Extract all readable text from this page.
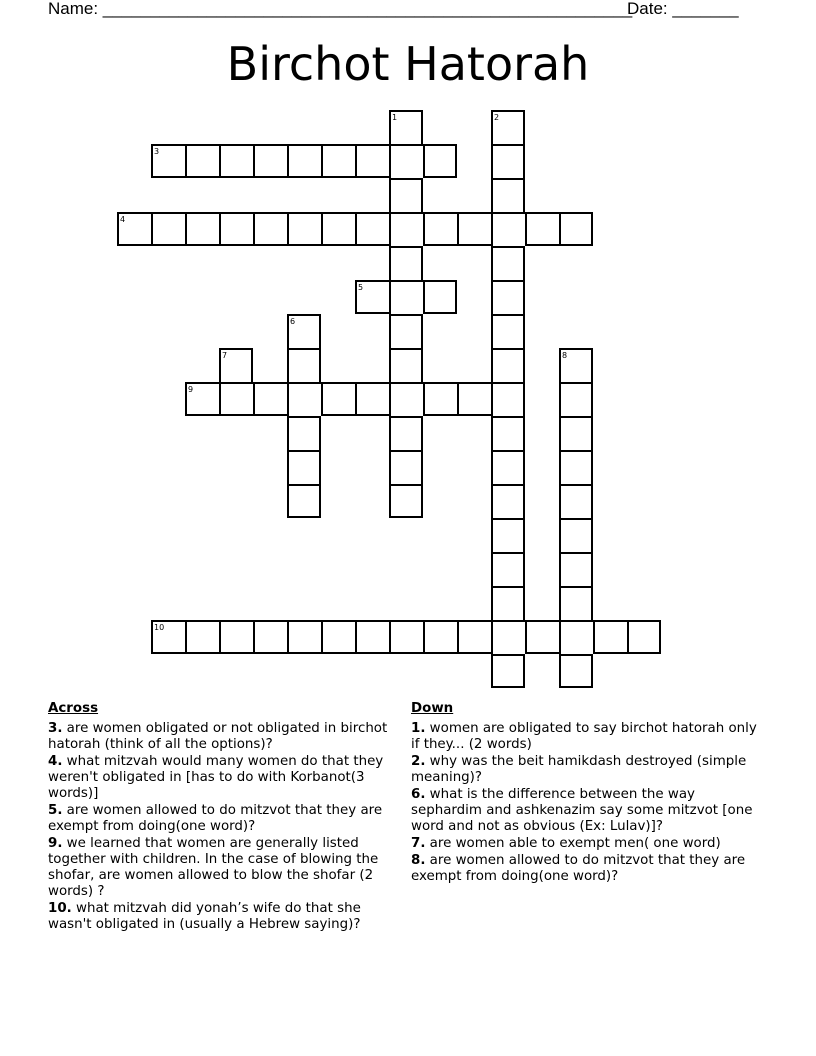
Name: ________________________________________________________
Date: _______
Birchot Hatorah
1	2
3
4
5
6
7	8
9
10
Across
3. are women obligated or not obligated in birchot hatorah (think of all the options)?
4. what mitzvah would many women do that they weren't obligated in [has to do with Korbanot(3 words)]
5. are women allowed to do mitzvot that they are exempt from doing(one word)?
9. we learned that women are generally listed together with children. In the case of blowing the shofar, are women allowed to blow the shofar (2 words) ?
10. what mitzvah did yonah’s wife do that she wasn't obligated in (usually a Hebrew saying)?
Down
1. women are obligated to say birchot hatorah only if they... (2 words)
2. why was the beit hamikdash destroyed (simple meaning)?
6. what is the difference between the way sephardim and ashkenazim say some mitzvot [one word and not as obvious (Ex: Lulav)]?
7. are women able to exempt men( one word)
8. are women allowed to do mitzvot that they are exempt from doing(one word)?
